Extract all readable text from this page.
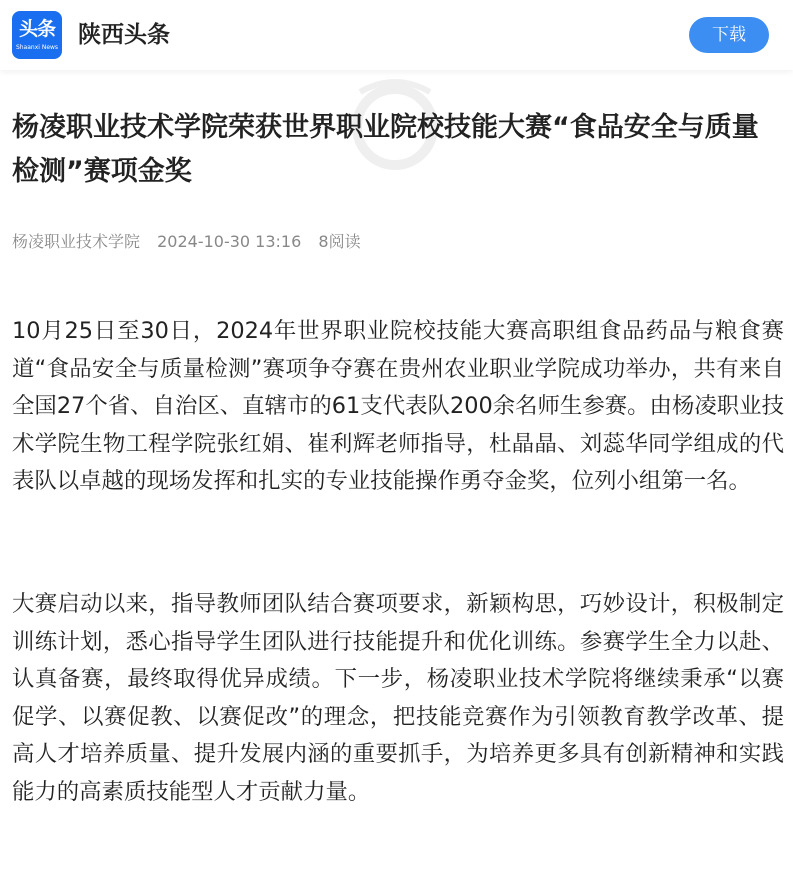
头条
Shaanxi News 陕西头条	下载
杨凌职业技术学院荣获世界职业院校技能大赛“食品安全与质量检测”赛项金奖
杨凌职业技术学院 2024-10-30 13:16 8阅读

10月25日至30日，2024年世界职业院校技能大赛高职组食品药品与粮食赛道“食品安全与质量检测”赛项争夺赛在贵州农业职业学院成功举办，共有来自全国27个省、自治区、直辖市的61支代表队200余名师生参赛。由杨凌职业技术学院生物工程学院张红娟、崔利辉老师指导，杜晶晶、刘蕊华同学组成的代表队以卓越的现场发挥和扎实的专业技能操作勇夺金奖，位列小组第一名。

大赛启动以来，指导教师团队结合赛项要求，新颖构思，巧妙设计，积极制定训练计划，悉心指导学生团队进行技能提升和优化训练。参赛学生全力以赴、认真备赛，最终取得优异成绩。下一步，杨凌职业技术学院将继续秉承“以赛促学、以赛促教、以赛促改”的理念，把技能竞赛作为引领教育教学改革、提高人才培养质量、提升发展内涵的重要抓手，为培养更多具有创新精神和实践能力的高素质技能型人才贡献力量。
